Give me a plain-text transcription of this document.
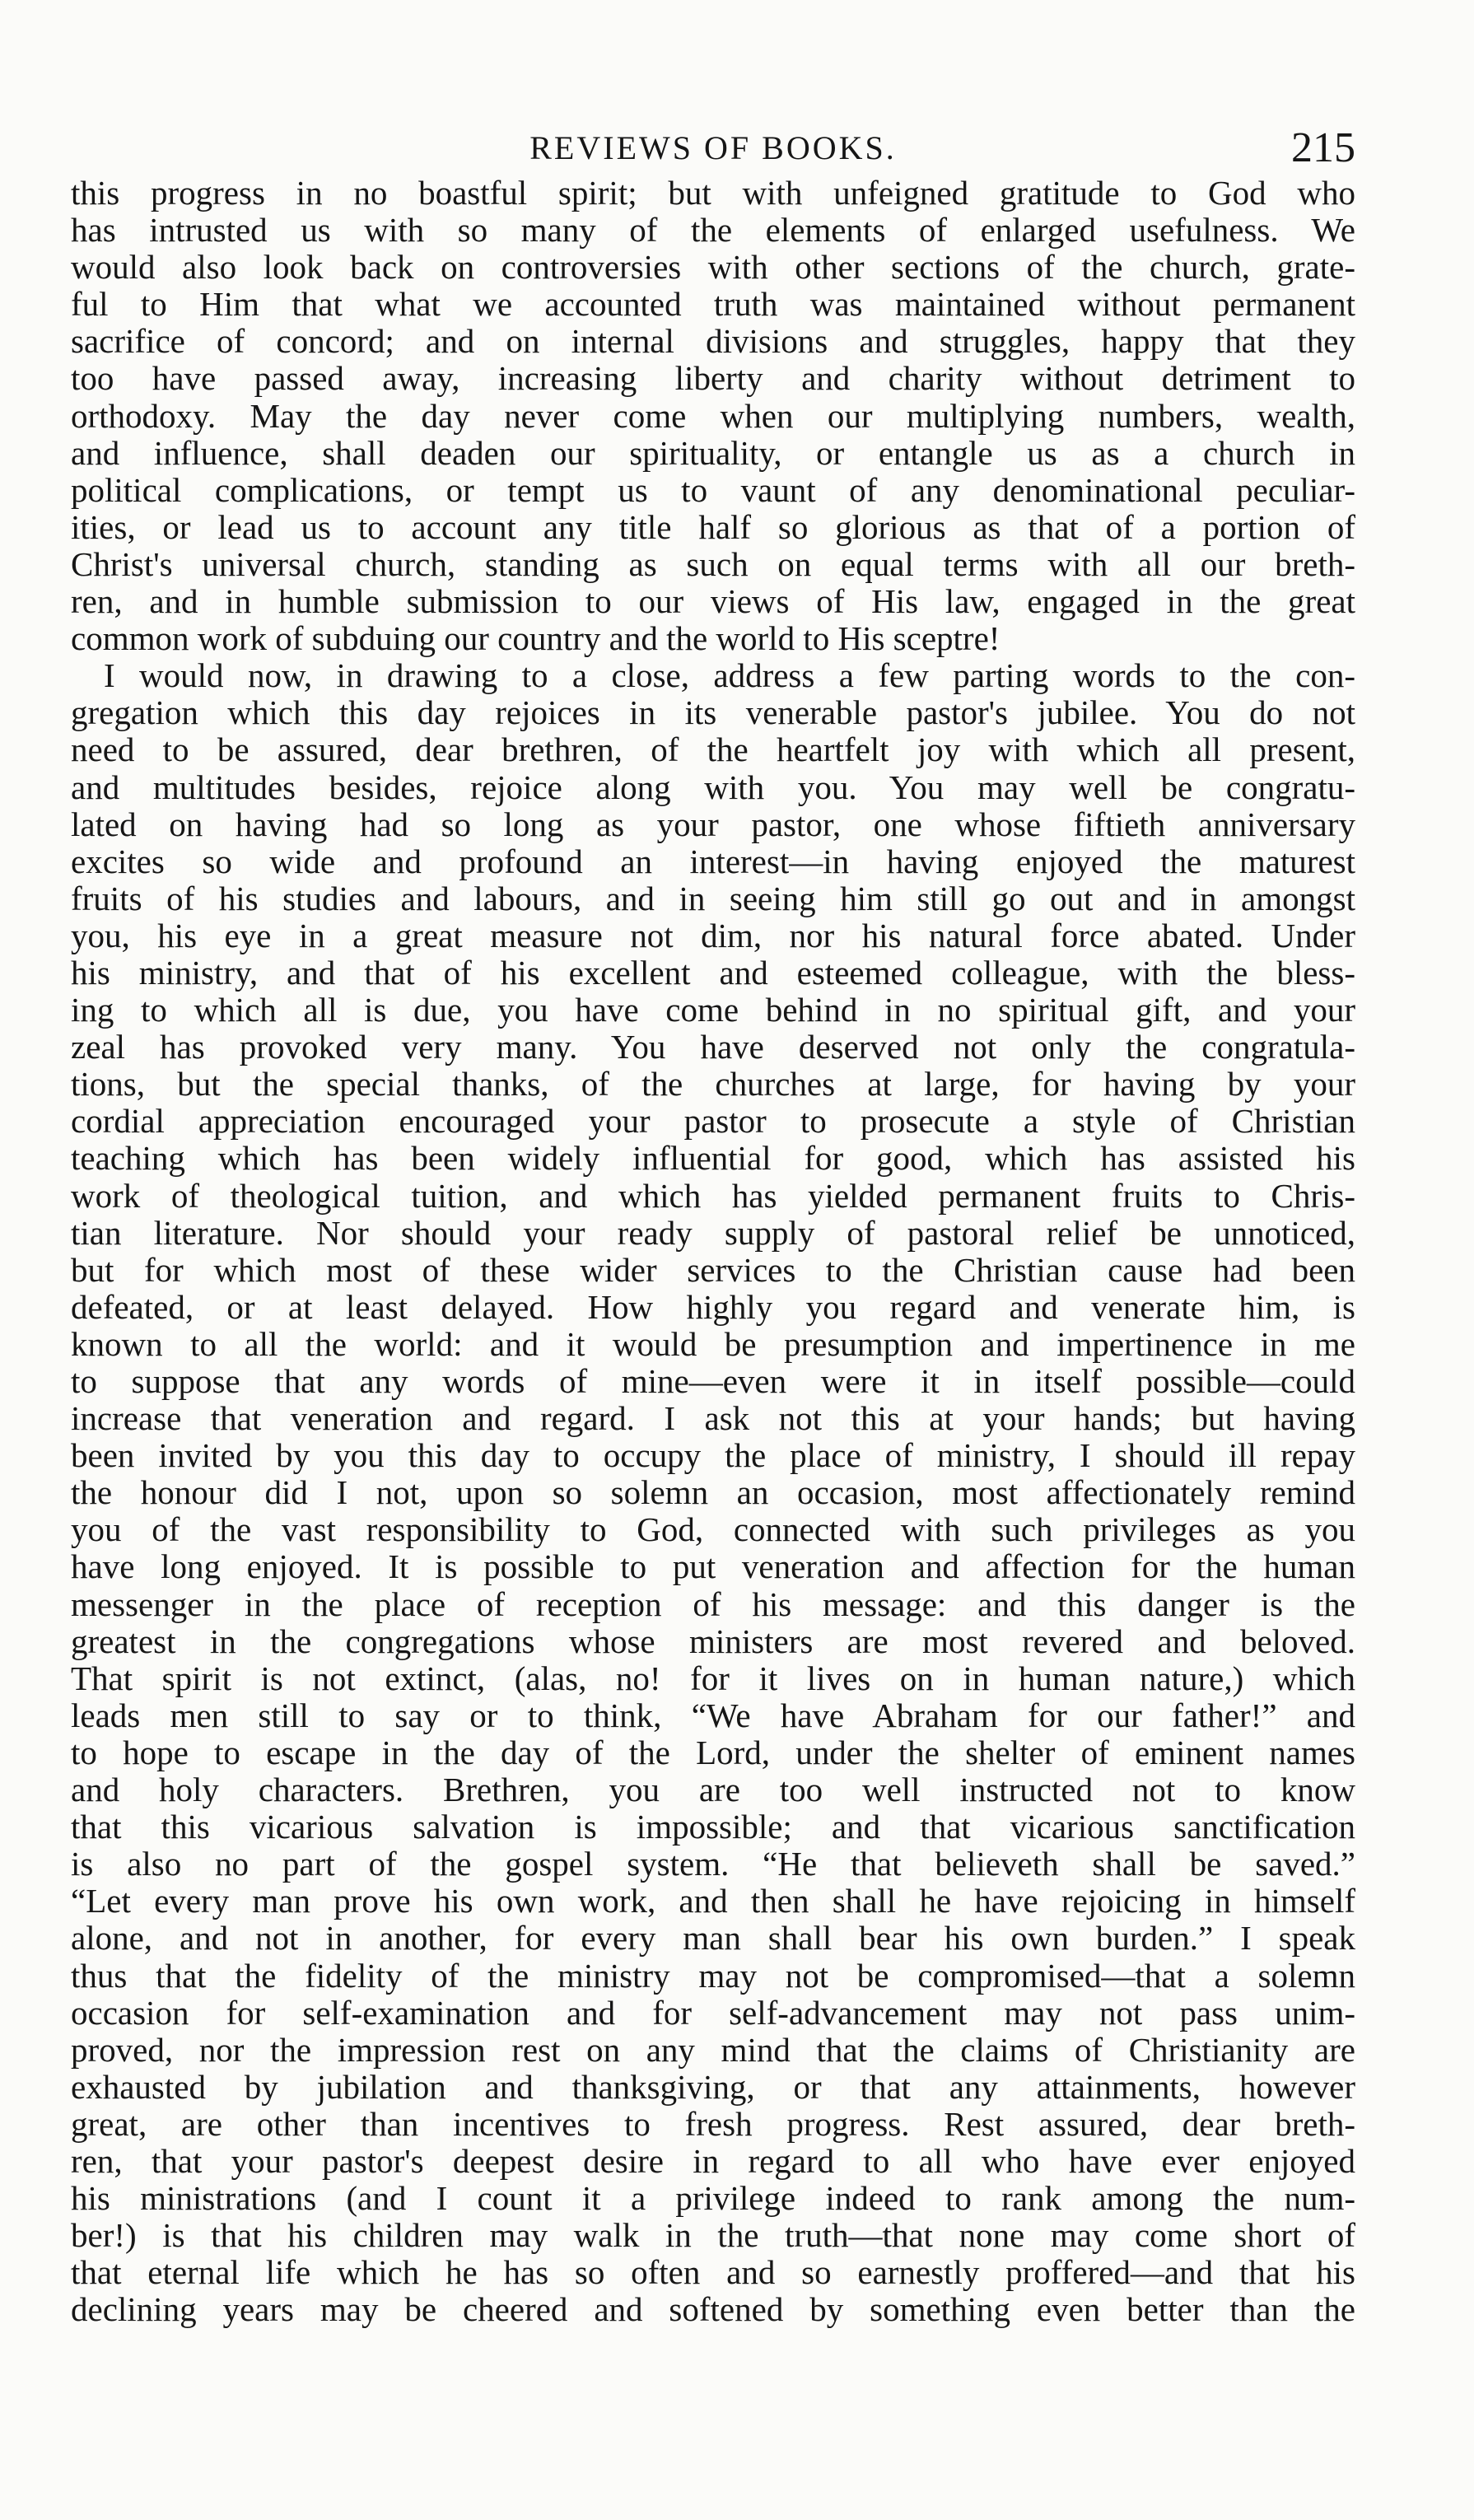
REVIEWS OF BOOKS.	215
this progress in no boastful spirit; but with unfeigned gratitude to God who
has intrusted us with so many of the elements of enlarged usefulness. We
would also look back on controversies with other sections of the church, grate-
ful to Him that what we accounted truth was maintained without permanent
sacrifice of concord; and on internal divisions and struggles, happy that they
too have passed away, increasing liberty and charity without detriment to
orthodoxy. May the day never come when our multiplying numbers, wealth,
and influence, shall deaden our spirituality, or entangle us as a church in
political complications, or tempt us to vaunt of any denominational peculiar-
ities, or lead us to account any title half so glorious as that of a portion of
Christ's universal church, standing as such on equal terms with all our breth-
ren, and in humble submission to our views of His law, engaged in the great
common work of subduing our country and the world to His sceptre!
I would now, in drawing to a close, address a few parting words to the con-
gregation which this day rejoices in its venerable pastor's jubilee. You do not
need to be assured, dear brethren, of the heartfelt joy with which all present,
and multitudes besides, rejoice along with you. You may well be congratu-
lated on having had so long as your pastor, one whose fiftieth anniversary
excites so wide and profound an interest—in having enjoyed the maturest
fruits of his studies and labours, and in seeing him still go out and in amongst
you, his eye in a great measure not dim, nor his natural force abated. Under
his ministry, and that of his excellent and esteemed colleague, with the bless-
ing to which all is due, you have come behind in no spiritual gift, and your
zeal has provoked very many. You have deserved not only the congratula-
tions, but the special thanks, of the churches at large, for having by your
cordial appreciation encouraged your pastor to prosecute a style of Christian
teaching which has been widely influential for good, which has assisted his
work of theological tuition, and which has yielded permanent fruits to Chris-
tian literature. Nor should your ready supply of pastoral relief be unnoticed,
but for which most of these wider services to the Christian cause had been
defeated, or at least delayed. How highly you regard and venerate him, is
known to all the world: and it would be presumption and impertinence in me
to suppose that any words of mine—even were it in itself possible—could
increase that veneration and regard. I ask not this at your hands; but having
been invited by you this day to occupy the place of ministry, I should ill repay
the honour did I not, upon so solemn an occasion, most affectionately remind
you of the vast responsibility to God, connected with such privileges as you
have long enjoyed. It is possible to put veneration and affection for the human
messenger in the place of reception of his message: and this danger is the
greatest in the congregations whose ministers are most revered and beloved.
That spirit is not extinct, (alas, no! for it lives on in human nature,) which
leads men still to say or to think, “We have Abraham for our father!” and
to hope to escape in the day of the Lord, under the shelter of eminent names
and holy characters. Brethren, you are too well instructed not to know
that this vicarious salvation is impossible; and that vicarious sanctification
is also no part of the gospel system. “He that believeth shall be saved.”
“Let every man prove his own work, and then shall he have rejoicing in himself
alone, and not in another, for every man shall bear his own burden.” I speak
thus that the fidelity of the ministry may not be compromised—that a solemn
occasion for self-examination and for self-advancement may not pass unim-
proved, nor the impression rest on any mind that the claims of Christianity are
exhausted by jubilation and thanksgiving, or that any attainments, however
great, are other than incentives to fresh progress. Rest assured, dear breth-
ren, that your pastor's deepest desire in regard to all who have ever enjoyed
his ministrations (and I count it a privilege indeed to rank among the num-
ber!) is that his children may walk in the truth—that none may come short of
that eternal life which he has so often and so earnestly proffered—and that his
declining years may be cheered and softened by something even better than the
